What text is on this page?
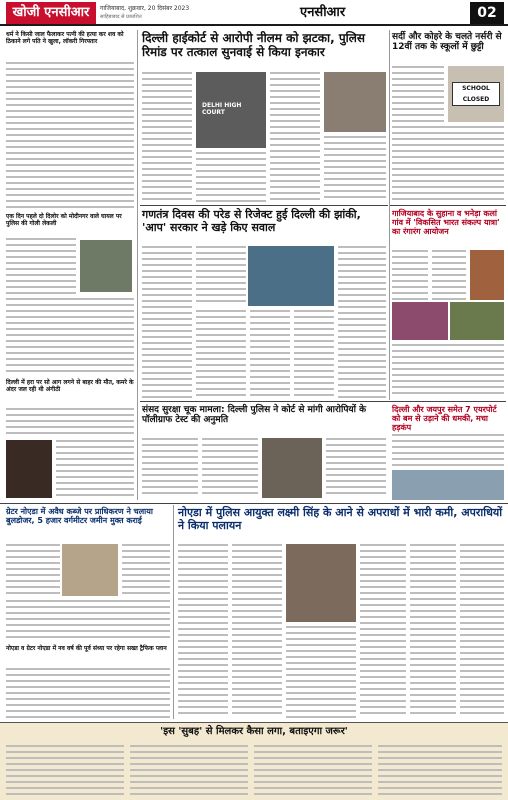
खोजी एनसीआर	गाजियाबाद, शुक्रवार, 20 दिसंबर 2023
साहिबाबाद से प्रकाशित	एनसीआर	02
धर्म ने किसी जाल फैलाकर पत्नी की हत्या कर शव को ठिकाने लगे पति ने खुला, लॉकरी गिरफ्तार
एक दिन पहले दो दिलोर को मोदीनगर वाले घायल पर पुलिस की गोली लेकली
दिल्ली में हरा पर सो आग लगने से बाहर की मौत, कमरे के अंदर जल रही थी अंगीठी
दिल्ली हाईकोर्ट से आरोपी नीलम को झटका, पुलिस रिमांड पर तत्काल सुनवाई से किया इनकार
DELHI HIGH COURT
गणतंत्र दिवस की परेड से रिजेक्ट हुई दिल्ली की झांकी, 'आप' सरकार ने खड़े किए सवाल
सर्दी और कोहरे के चलते नर्सरी से 12वीं तक के स्कूलों में छुट्टी
SCHOOL
CLOSED
गाजियाबाद के सुहाना व भनेड़ा कलां गांव में 'विकसित भारत संकल्प यात्रा' का रंगारंग आयोजन
संसद सुरक्षा चूक मामला: दिल्ली पुलिस ने कोर्ट से मांगी आरोपियों के पॉलीग्राफ टेस्ट की अनुमति
दिल्ली और जयपुर समेत 7 एयरपोर्ट को बम से उड़ाने की धमकी, मचा हड़कंप
ग्रेटर नोएडा में अवैध कब्जे पर प्राधिकरण ने चलाया बुलडोजर, 5 हजार वर्गमीटर जमीन मुक्त कराई
नोएडा व ग्रेटर नोएडा में नव वर्ष की पूर्व संध्या पर रहेगा सख्त ट्रैफिक प्लान
नोएडा में पुलिस आयुक्त लक्ष्मी सिंह के आने से अपराधों में भारी कमी, अपराधियों ने किया पलायन
'इस 'सुबह' से मिलकर कैसा लगा, बताइएगा जरूर'
